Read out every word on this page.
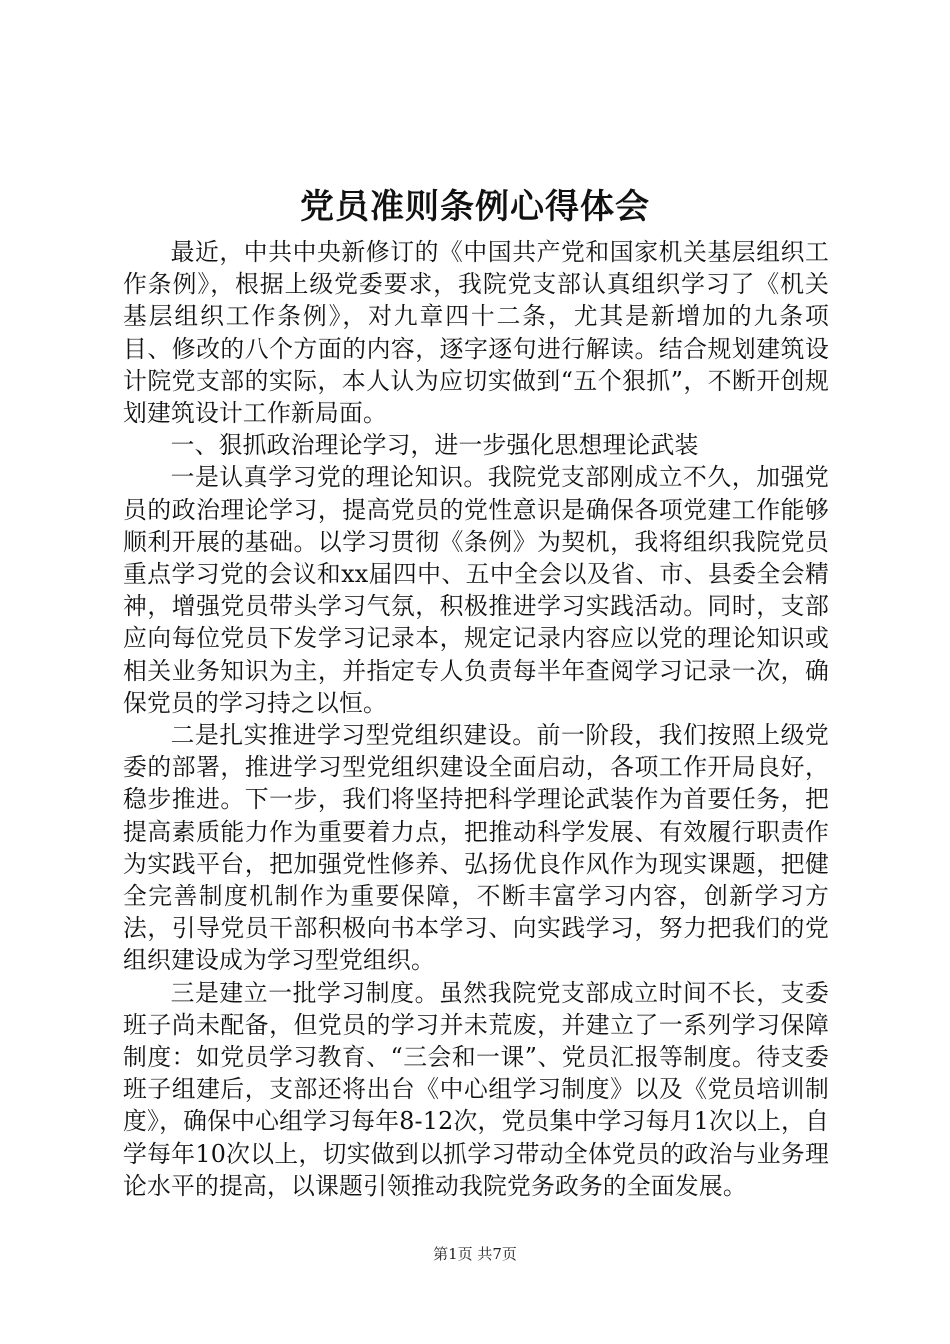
党员准则条例心得体会

最近，中共中央新修订的《中国共产党和国家机关基层组织工作条例》，根据上级党委要求，我院党支部认真组织学习了《机关基层组织工作条例》，对九章四十二条，尤其是新增加的九条项目、修改的八个方面的内容，逐字逐句进行解读。结合规划建筑设计院党支部的实际，本人认为应切实做到“五个狠抓”，不断开创规划建筑设计工作新局面。

一、狠抓政治理论学习，进一步强化思想理论武装

一是认真学习党的理论知识。我院党支部刚成立不久，加强党员的政治理论学习，提高党员的党性意识是确保各项党建工作能够顺利开展的基础。以学习贯彻《条例》为契机，我将组织我院党员重点学习党的会议和xx届四中、五中全会以及省、市、县委全会精神，增强党员带头学习气氛，积极推进学习实践活动。同时，支部应向每位党员下发学习记录本，规定记录内容应以党的理论知识或相关业务知识为主，并指定专人负责每半年查阅学习记录一次，确保党员的学习持之以恒。

二是扎实推进学习型党组织建设。前一阶段，我们按照上级党委的部署，推进学习型党组织建设全面启动，各项工作开局良好，稳步推进。下一步，我们将坚持把科学理论武装作为首要任务，把提高素质能力作为重要着力点，把推动科学发展、有效履行职责作为实践平台，把加强党性修养、弘扬优良作风作为现实课题，把健全完善制度机制作为重要保障，不断丰富学习内容，创新学习方法，引导党员干部积极向书本学习、向实践学习，努力把我们的党组织建设成为学习型党组织。

三是建立一批学习制度。虽然我院党支部成立时间不长，支委班子尚未配备，但党员的学习并未荒废，并建立了一系列学习保障制度：如党员学习教育、“三会和一课”、党员汇报等制度。待支委班子组建后，支部还将出台《中心组学习制度》以及《党员培训制度》，确保中心组学习每年8-12次，党员集中学习每月1次以上，自学每年10次以上，切实做到以抓学习带动全体党员的政治与业务理论水平的提高，以课题引领推动我院党务政务的全面发展。

第1页 共7页
